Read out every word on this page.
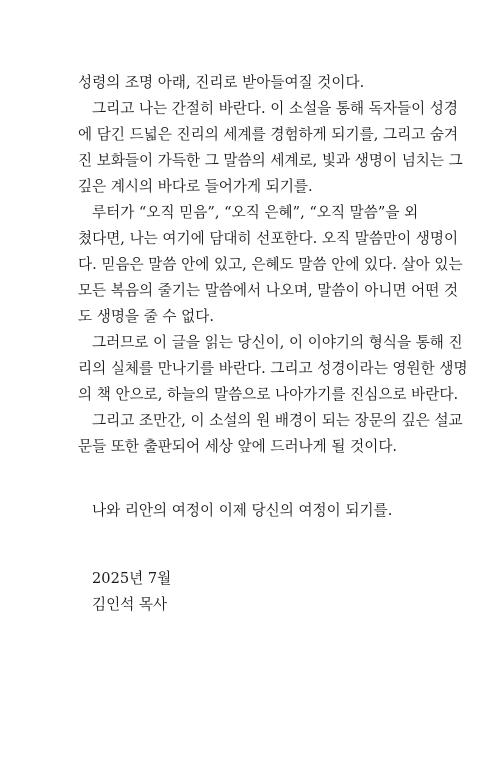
성령의 조명 아래, 진리로 받아들여질 것이다.
그리고 나는 간절히 바란다. 이 소설을 통해 독자들이 성경
에 담긴 드넓은 진리의 세계를 경험하게 되기를, 그리고 숨겨
진 보화들이 가득한 그 말씀의 세계로, 빛과 생명이 넘치는 그
깊은 계시의 바다로 들어가게 되기를.
루터가 “오직 믿음”, “오직 은혜”, “오직 말씀”을 외
쳤다면, 나는 여기에 담대히 선포한다. 오직 말씀만이 생명이
다. 믿음은 말씀 안에 있고, 은혜도 말씀 안에 있다. 살아 있는
모든 복음의 줄기는 말씀에서 나오며, 말씀이 아니면 어떤 것
도 생명을 줄 수 없다.
그러므로 이 글을 읽는 당신이, 이 이야기의 형식을 통해 진
리의 실체를 만나기를 바란다. 그리고 성경이라는 영원한 생명
의 책 안으로, 하늘의 말씀으로 나아가기를 진심으로 바란다.
그리고 조만간, 이 소설의 원 배경이 되는 장문의 깊은 설교
문들 또한 출판되어 세상 앞에 드러나게 될 것이다.
나와 리안의 여정이 이제 당신의 여정이 되기를.
2025년 7월
김인석 목사
